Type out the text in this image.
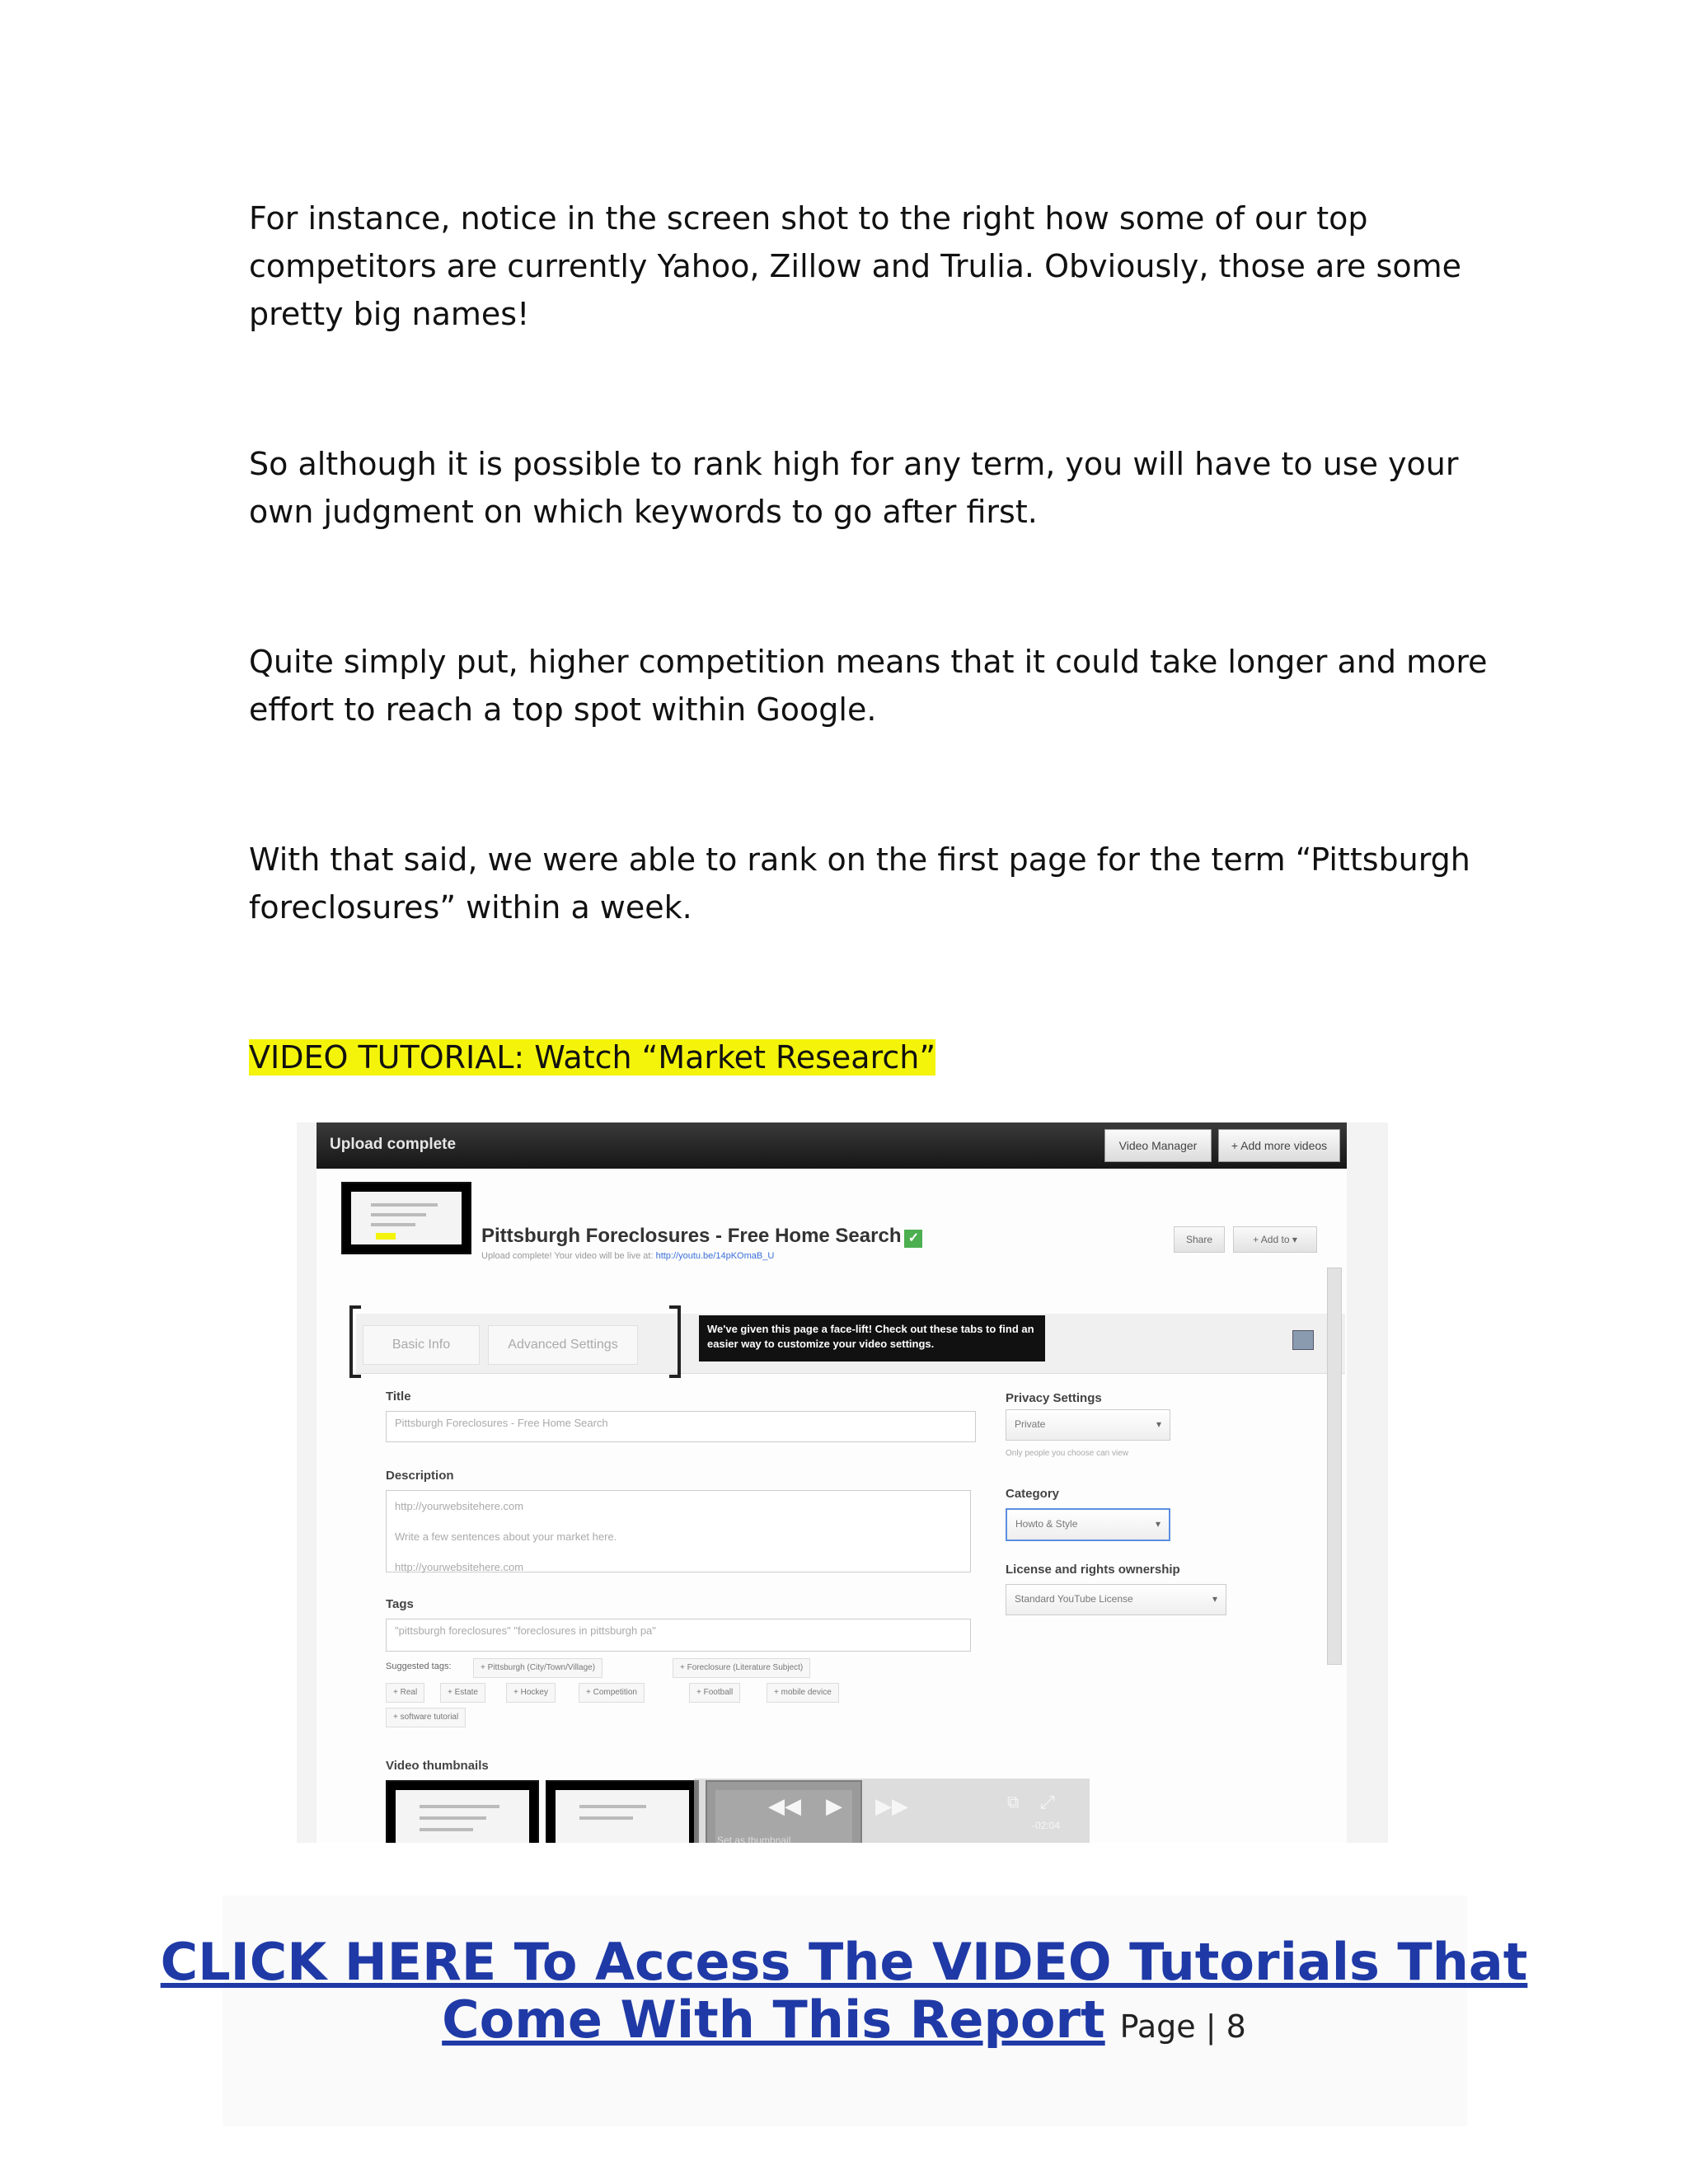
For instance, notice in the screen shot to the right how some of our top competitors are currently Yahoo, Zillow and Trulia. Obviously, those are some pretty big names!

So although it is possible to rank high for any term, you will have to use your own judgment on which keywords to go after first.

Quite simply put, higher competition means that it could take longer and more effort to reach a top spot within Google.

With that said, we were able to rank on the first page for the term “Pittsburgh foreclosures” within a week.

VIDEO TUTORIAL: Watch “Market Research”

Upload complete	Video Manager	+ Add more videos
Pittsburgh Foreclosures - Free Home Search ✓
Upload complete! Your video will be live at: http://youtu.be/14pKOmaB_U
Share	+ Add to ▾
Basic Info	Advanced Settings
We've given this page a face-lift! Check out these tabs to find an easier way to customize your video settings.
Title
Pittsburgh Foreclosures - Free Home Search
Description
http://yourwebsitehere.com
Write a few sentences about your market here.
http://yourwebsitehere.com
Tags
"pittsburgh foreclosures" "foreclosures in pittsburgh pa"
Suggested tags:	+ Pittsburgh (City/Town/Village)	+ Foreclosure (Literature Subject)
+ Real	+ Estate	+ Hockey	+ Competition	+ Football	+ mobile device
+ software tutorial
Privacy Settings
Private ▾
Only people you choose can view
Category
Howto & Style ▾
License and rights ownership
Standard YouTube License ▾
Video thumbnails
◀◀ ▶ ▶▶	⧉ ⤢
-02:04
Set as thumbnail
CLICK HERE To Access The VIDEO Tutorials That
Come With This Report Page | 8
